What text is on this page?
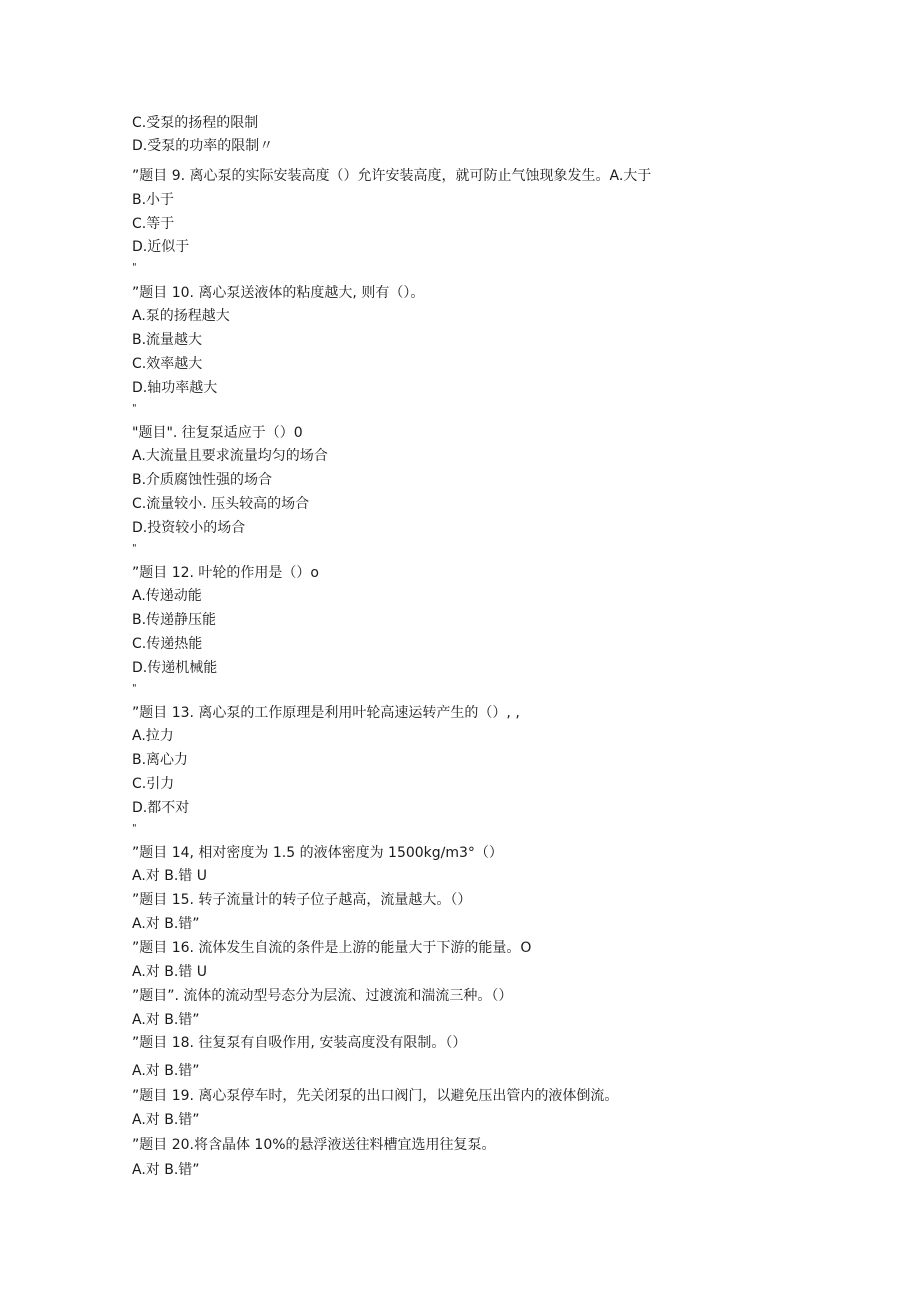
C.受泵的扬程的限制
D.受泵的功率的限制〃
”题目 9. 离心泵的实际安装高度（）允许安装高度，就可防止气蚀现象发生。A.大于
B.小于
C.等于
D.近似于
"
”题目 10. 离心泵送液体的粘度越大, 则有（）。
A.泵的扬程越大
B.流量越大
C.效率越大
D.轴功率越大
"
"题目". 往复泵适应于（）0
A.大流量且要求流量均匀的场合
B.介质腐蚀性强的场合
C.流量较小. 压头较高的场合
D.投资较小的场合
"
”题目 12. 叶轮的作用是（）o
A.传递动能
B.传递静压能
C.传递热能
D.传递机械能
"
”题目 13. 离心泵的工作原理是利用叶轮高速运转产生的（）, ,
A.拉力
B.离心力
C.引力
D.都不对
"
”题目 14, 相对密度为 1.5 的液体密度为 1500kg∕m3°（）
A.对 B.错 U
”题目 15. 转子流量计的转子位子越高，流量越大。（）
A.对 B.错”
”题目 16. 流体发生自流的条件是上游的能量大于下游的能量。O
A.对 B.错 U
”题目”. 流体的流动型号态分为层流、过渡流和湍流三种。（）
A.对 B.错”
”题目 18. 往复泵有自吸作用, 安装高度没有限制。（）
A.对 B.错”
”题目 19. 离心泵停车时，先关闭泵的出口阀门，以避免压出管内的液体倒流。
A.对 B.错”
”题目 20.将含晶体 10%的悬浮液送往料槽宜选用往复泵。
A.对 B.错”
